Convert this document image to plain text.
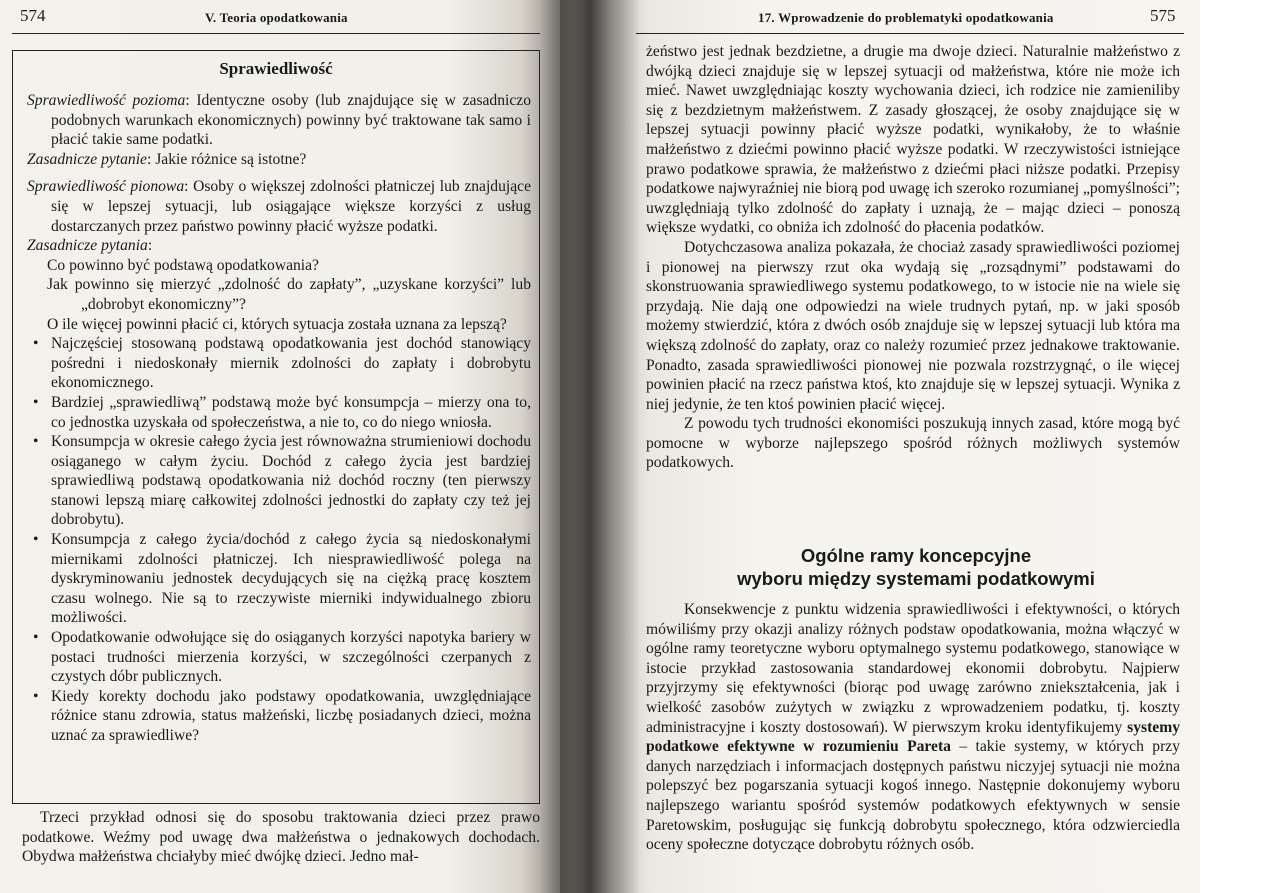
574	V. Teoria opodatkowania
Sprawiedliwość

Sprawiedliwość pozioma: Identyczne osoby (lub znajdujące się w zasadniczo podobnych warunkach ekonomicznych) powinny być traktowane tak samo i płacić takie same podatki.

Zasadnicze pytanie: Jakie różnice są istotne?

Sprawiedliwość pionowa: Osoby o większej zdolności płatniczej lub znajdujące się w lepszej sytuacji, lub osiągające większe korzyści z usług dostarczanych przez państwo powinny płacić wyższe podatki.

Zasadnicze pytania:

Co powinno być podstawą opodatkowania?

Jak powinno się mierzyć „zdolność do zapłaty”, „uzyskane korzyści” lub „dobrobyt ekonomiczny”?

O ile więcej powinni płacić ci, których sytuacja została uznana za lepszą?

• Najczęściej stosowaną podstawą opodatkowania jest dochód stanowiący pośredni i niedoskonały miernik zdolności do zapłaty i dobrobytu ekonomicznego.

• Bardziej „sprawiedliwą” podstawą może być konsumpcja – mierzy ona to, co jednostka uzyskała od społeczeństwa, a nie to, co do niego wniosła.

• Konsumpcja w okresie całego życia jest równoważna strumieniowi dochodu osiąganego w całym życiu. Dochód z całego życia jest bardziej sprawiedliwą podstawą opodatkowania niż dochód roczny (ten pierwszy stanowi lepszą miarę całkowitej zdolności jednostki do zapłaty czy też jej dobrobytu).

• Konsumpcja z całego życia/dochód z całego życia są niedoskonałymi miernikami zdolności płatniczej. Ich niesprawiedliwość polega na dyskryminowaniu jednostek decydujących się na ciężką pracę kosztem czasu wolnego. Nie są to rzeczywiste mierniki indywidualnego zbioru możliwości.

• Opodatkowanie odwołujące się do osiąganych korzyści napotyka bariery w postaci trudności mierzenia korzyści, w szczególności czerpanych z czystych dóbr publicznych.

• Kiedy korekty dochodu jako podstawy opodatkowania, uwzględniające różnice stanu zdrowia, status małżeński, liczbę posiadanych dzieci, można uznać za sprawiedliwe?

Trzeci przykład odnosi się do sposobu traktowania dzieci przez prawo podatkowe. Weźmy pod uwagę dwa małżeństwa o jednakowych dochodach. Obydwa małżeństwa chciałyby mieć dwójkę dzieci. Jedno mał-

17. Wprowadzenie do problematyki opodatkowania	575

żeństwo jest jednak bezdzietne, a drugie ma dwoje dzieci. Naturalnie małżeństwo z dwójką dzieci znajduje się w lepszej sytuacji od małżeństwa, które nie może ich mieć. Nawet uwzględniając koszty wychowania dzieci, ich rodzice nie zamieniliby się z bezdzietnym małżeństwem. Z zasady głoszącej, że osoby znajdujące się w lepszej sytuacji powinny płacić wyższe podatki, wynikałoby, że to właśnie małżeństwo z dziećmi powinno płacić wyższe podatki. W rzeczywistości istniejące prawo podatkowe sprawia, że małżeństwo z dziećmi płaci niższe podatki. Przepisy podatkowe najwyraźniej nie biorą pod uwagę ich szeroko rozumianej „pomyślności”; uwzględniają tylko zdolność do zapłaty i uznają, że – mając dzieci – ponoszą większe wydatki, co obniża ich zdolność do płacenia podatków.

Dotychczasowa analiza pokazała, że chociaż zasady sprawiedliwości poziomej i pionowej na pierwszy rzut oka wydają się „rozsądnymi” podstawami do skonstruowania sprawiedliwego systemu podatkowego, to w istocie nie na wiele się przydają. Nie dają one odpowiedzi na wiele trudnych pytań, np. w jaki sposób możemy stwierdzić, która z dwóch osób znajduje się w lepszej sytuacji lub która ma większą zdolność do zapłaty, oraz co należy rozumieć przez jednakowe traktowanie. Ponadto, zasada sprawiedliwości pionowej nie pozwala rozstrzygnąć, o ile więcej powinien płacić na rzecz państwa ktoś, kto znajduje się w lepszej sytuacji. Wynika z niej jedynie, że ten ktoś powinien płacić więcej.

Z powodu tych trudności ekonomiści poszukują innych zasad, które mogą być pomocne w wyborze najlepszego spośród różnych możliwych systemów podatkowych.

Ogólne ramy koncepcyjne
wyboru między systemami podatkowymi

Konsekwencje z punktu widzenia sprawiedliwości i efektywności, o których mówiliśmy przy okazji analizy różnych podstaw opodatkowania, można włączyć w ogólne ramy teoretyczne wyboru optymalnego systemu podatkowego, stanowiące w istocie przykład zastosowania standardowej ekonomii dobrobytu. Najpierw przyjrzymy się efektywności (biorąc pod uwagę zarówno zniekształcenia, jak i wielkość zasobów zużytych w związku z wprowadzeniem podatku, tj. koszty administracyjne i koszty dostosowań). W pierwszym kroku identyfikujemy systemy podatkowe efektywne w rozumieniu Pareta – takie systemy, w których przy danych narzędziach i informacjach dostępnych państwu niczyjej sytuacji nie można polepszyć bez pogarszania sytuacji kogoś innego. Następnie dokonujemy wyboru najlepszego wariantu spośród systemów podatkowych efektywnych w sensie Paretowskim, posługując się funkcją dobrobytu społecznego, która odzwierciedla oceny społeczne dotyczące dobrobytu różnych osób.
